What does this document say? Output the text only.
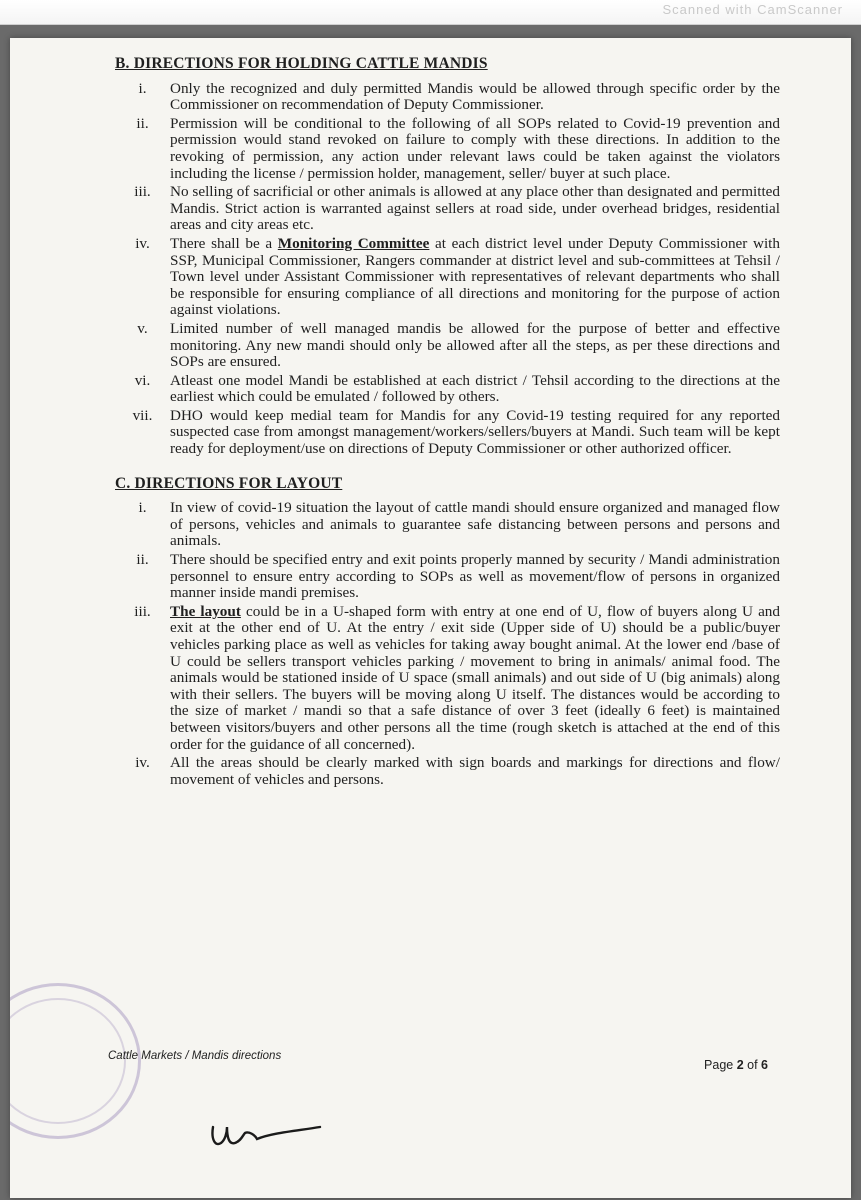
Scanned with CamScanner
B. DIRECTIONS FOR HOLDING CATTLE MANDIS
i.	Only the recognized and duly permitted Mandis would be allowed through specific order by the Commissioner on recommendation of Deputy Commissioner.
ii.	Permission will be conditional to the following of all SOPs related to Covid-19 prevention and permission would stand revoked on failure to comply with these directions. In addition to the revoking of permission, any action under relevant laws could be taken against the violators including the license / permission holder, management, seller/ buyer at such place.
iii.	No selling of sacrificial or other animals is allowed at any place other than designated and permitted Mandis. Strict action is warranted against sellers at road side, under overhead bridges, residential areas and city areas etc.
iv.	There shall be a Monitoring Committee at each district level under Deputy Commissioner with SSP, Municipal Commissioner, Rangers commander at district level and sub-committees at Tehsil / Town level under Assistant Commissioner with representatives of relevant departments who shall be responsible for ensuring compliance of all directions and monitoring for the purpose of action against violations.
v.	Limited number of well managed mandis be allowed for the purpose of better and effective monitoring. Any new mandi should only be allowed after all the steps, as per these directions and SOPs are ensured.
vi.	Atleast one model Mandi be established at each district / Tehsil according to the directions at the earliest which could be emulated / followed by others.
vii.	DHO would keep medial team for Mandis for any Covid-19 testing required for any reported suspected case from amongst management/workers/sellers/buyers at Mandi. Such team will be kept ready for deployment/use on directions of Deputy Commissioner or other authorized officer.
C. DIRECTIONS FOR LAYOUT
i.	In view of covid-19 situation the layout of cattle mandi should ensure organized and managed flow of persons, vehicles and animals to guarantee safe distancing between persons and persons and animals.
ii.	There should be specified entry and exit points properly manned by security / Mandi administration personnel to ensure entry according to SOPs as well as movement/flow of persons in organized manner inside mandi premises.
iii.	The layout could be in a U-shaped form with entry at one end of U, flow of buyers along U and exit at the other end of U. At the entry / exit side (Upper side of U) should be a public/buyer vehicles parking place as well as vehicles for taking away bought animal. At the lower end /base of U could be sellers transport vehicles parking / movement to bring in animals/ animal food. The animals would be stationed inside of U space (small animals) and out side of U (big animals) along with their sellers. The buyers will be moving along U itself. The distances would be according to the size of market / mandi so that a safe distance of over 3 feet (ideally 6 feet) is maintained between visitors/buyers and other persons all the time (rough sketch is attached at the end of this order for the guidance of all concerned).
iv.	All the areas should be clearly marked with sign boards and markings for directions and flow/ movement of vehicles and persons.
Cattle Markets / Mandis directions
Page 2 of 6
